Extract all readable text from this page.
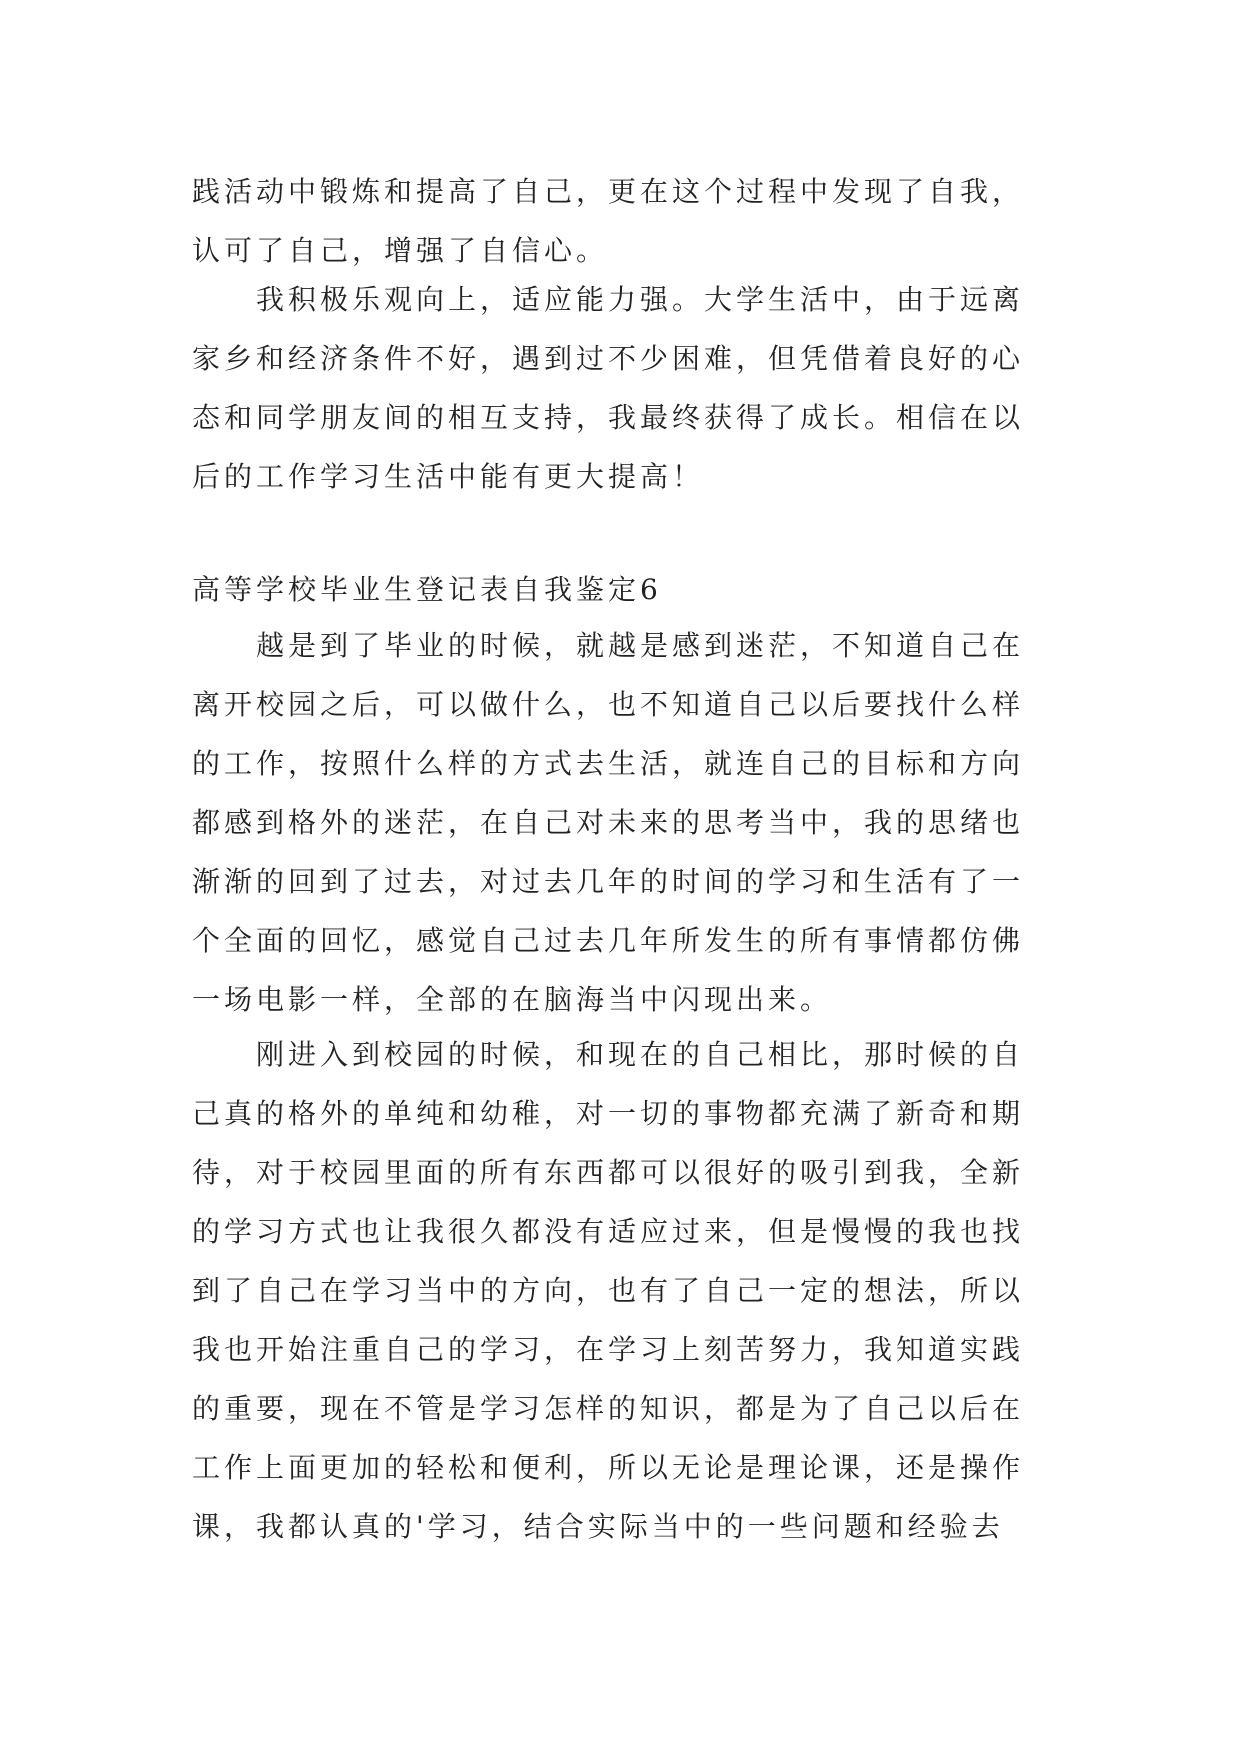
践活动中锻炼和提高了自己，更在这个过程中发现了自我，
认可了自己，增强了自信心。
　　我积极乐观向上，适应能力强。大学生活中，由于远离
家乡和经济条件不好，遇到过不少困难，但凭借着良好的心
态和同学朋友间的相互支持，我最终获得了成长。相信在以
后的工作学习生活中能有更大提高！
高等学校毕业生登记表自我鉴定6
　　越是到了毕业的时候，就越是感到迷茫，不知道自己在
离开校园之后，可以做什么，也不知道自己以后要找什么样
的工作，按照什么样的方式去生活，就连自己的目标和方向
都感到格外的迷茫，在自己对未来的思考当中，我的思绪也
渐渐的回到了过去，对过去几年的时间的学习和生活有了一
个全面的回忆，感觉自己过去几年所发生的所有事情都仿佛
一场电影一样，全部的在脑海当中闪现出来。
　　刚进入到校园的时候，和现在的自己相比，那时候的自
己真的格外的单纯和幼稚，对一切的事物都充满了新奇和期
待，对于校园里面的所有东西都可以很好的吸引到我，全新
的学习方式也让我很久都没有适应过来，但是慢慢的我也找
到了自己在学习当中的方向，也有了自己一定的想法，所以
我也开始注重自己的学习，在学习上刻苦努力，我知道实践
的重要，现在不管是学习怎样的知识，都是为了自己以后在
工作上面更加的轻松和便利，所以无论是理论课，还是操作
课，我都认真的'学习，结合实际当中的一些问题和经验去
